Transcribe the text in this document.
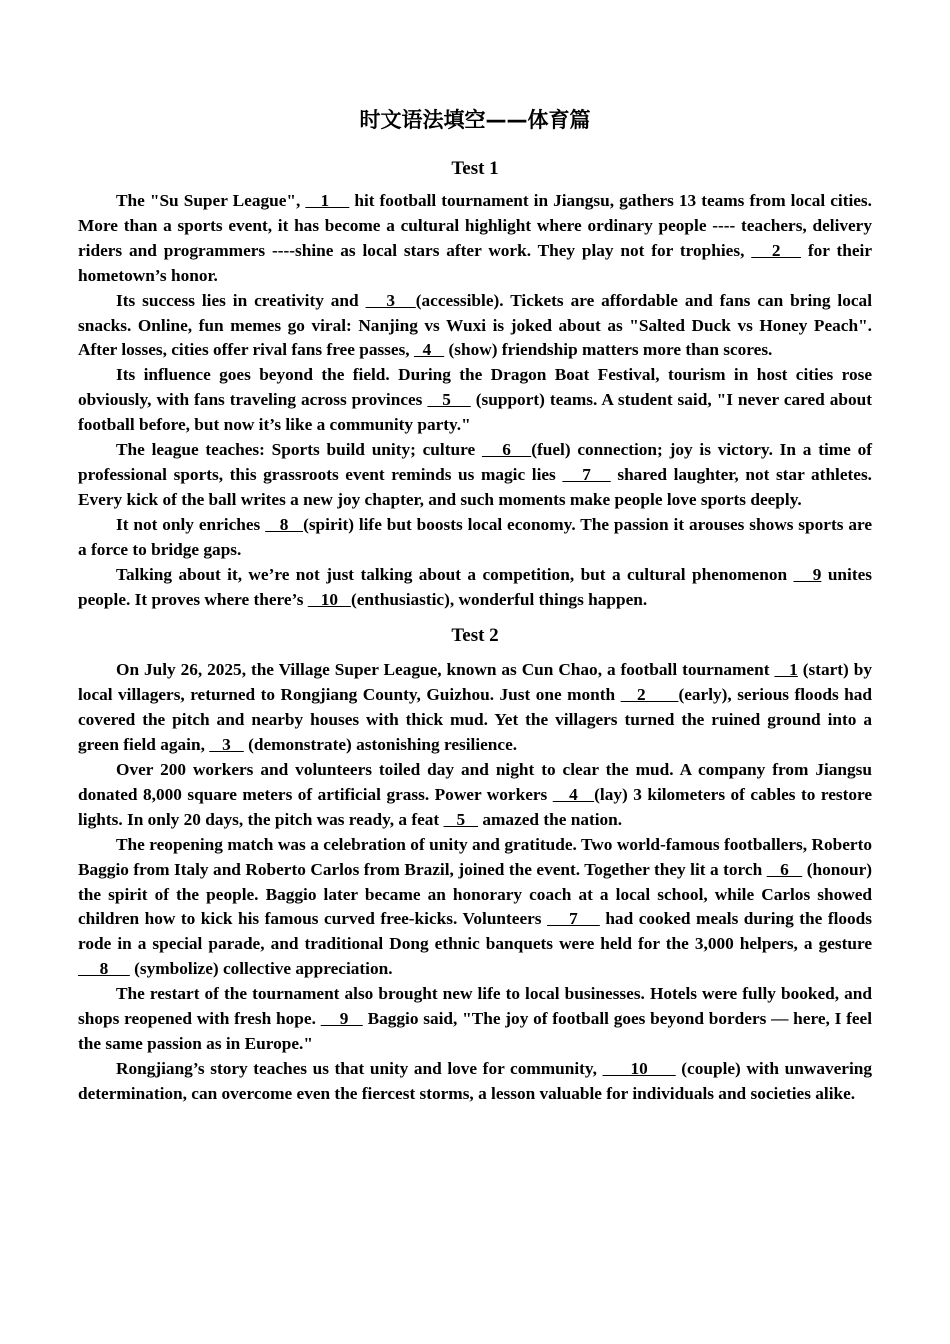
时文语法填空——体育篇
Test 1

The "Su Super League",    1     hit football tournament in Jiangsu, gathers 13 teams from local cities. More than a sports event, it has become a cultural highlight where ordinary people ---- teachers, delivery riders and programmers ----shine as local stars after work. They play not for trophies,    2    for their hometown’s honor.

Its success lies in creativity and    3   (accessible). Tickets are affordable and fans can bring local snacks. Online, fun memes go viral: Nanjing vs Wuxi is joked about as "Salted Duck vs Honey Peach". After losses, cities offer rival fans free passes,   4    (show) friendship matters more than scores.

Its influence goes beyond the field. During the Dragon Boat Festival, tourism in host cities rose obviously, with fans traveling across provinces    5     (support) teams. A student said, "I never cared about football before, but now it’s like a community party."

The league teaches: Sports build unity; culture    6   (fuel) connection; joy is victory. In a time of professional sports, this grassroots event reminds us magic lies    7    shared laughter, not star athletes. Every kick of the ball writes a new joy chapter, and such moments make people love sports deeply.

It not only enriches    8   (spirit) life but boosts local economy. The passion it arouses shows sports are a force to bridge gaps.

Talking about it, we’re not just talking about a competition, but a cultural phenomenon    9 unites people. It proves where there’s    10   (enthusiastic), wonderful things happen.

Test 2

On July 26, 2025, the Village Super League, known as Cun Chao, a football tournament    1 (start) by local villagers, returned to Rongjiang County, Guizhou. Just one month    2      (early), serious floods had covered the pitch and nearby houses with thick mud. Yet the villagers turned the ruined ground into a green field again,    3    (demonstrate) astonishing resilience.

Over 200 workers and volunteers toiled day and night to clear the mud. A company from Jiangsu donated 8,000 square meters of artificial grass. Power workers    4   (lay) 3 kilometers of cables to restore lights. In only 20 days, the pitch was ready, a feat    5    amazed the nation.

The reopening match was a celebration of unity and gratitude. Two world-famous footballers, Roberto Baggio from Italy and Roberto Carlos from Brazil, joined the event. Together they lit a torch    6    (honour) the spirit of the people. Baggio later became an honorary coach at a local school, while Carlos showed children how to kick his famous curved free-kicks. Volunteers     7     had cooked meals during the floods rode in a special parade, and traditional Dong ethnic banquets were held for the 3,000 helpers, a gesture      8      (symbolize) collective appreciation.

The restart of the tournament also brought new life to local businesses. Hotels were fully booked, and shops reopened with fresh hope.     9    Baggio said, "The joy of football goes beyond borders — here, I feel the same passion as in Europe."

Rongjiang’s story teaches us that unity and love for community,      10      (couple) with unwavering determination, can overcome even the fiercest storms, a lesson valuable for individuals and societies alike.
